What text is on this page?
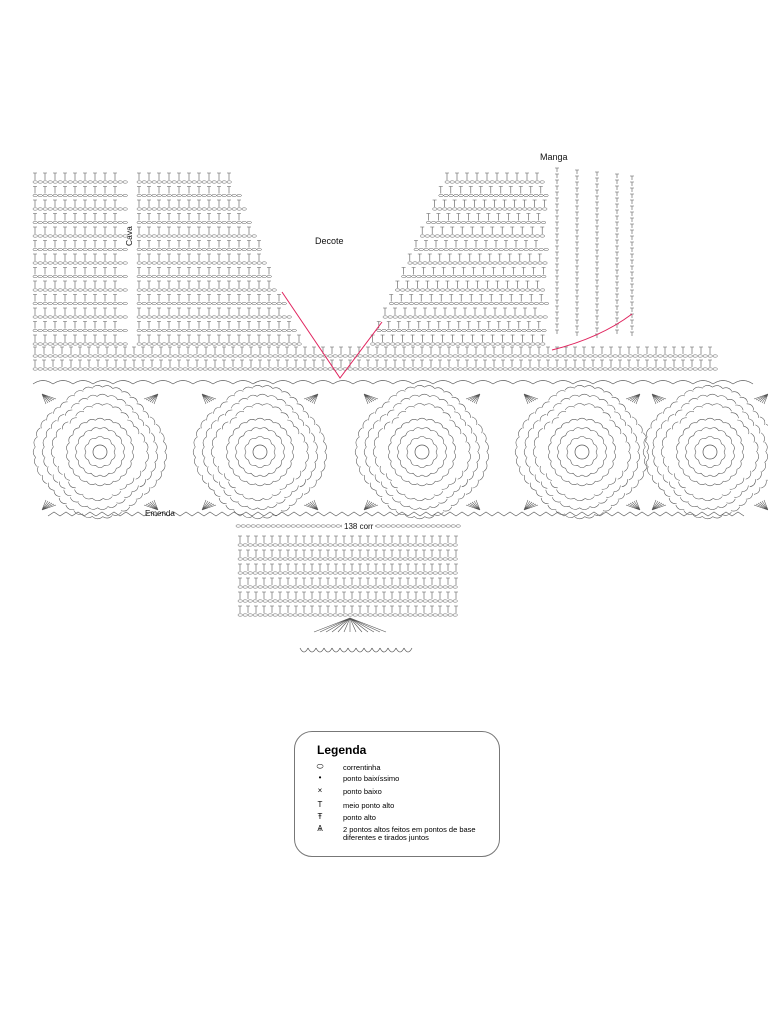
Manga
Decote
Cava
Emenda
138 corr
Legenda
⬭	correntinha
•	ponto baixíssimo
×	ponto baixo
T	meio ponto alto
Ŧ	ponto alto
Ѧ	2 pontos altos feitos em pontos de base diferentes e tirados juntos
